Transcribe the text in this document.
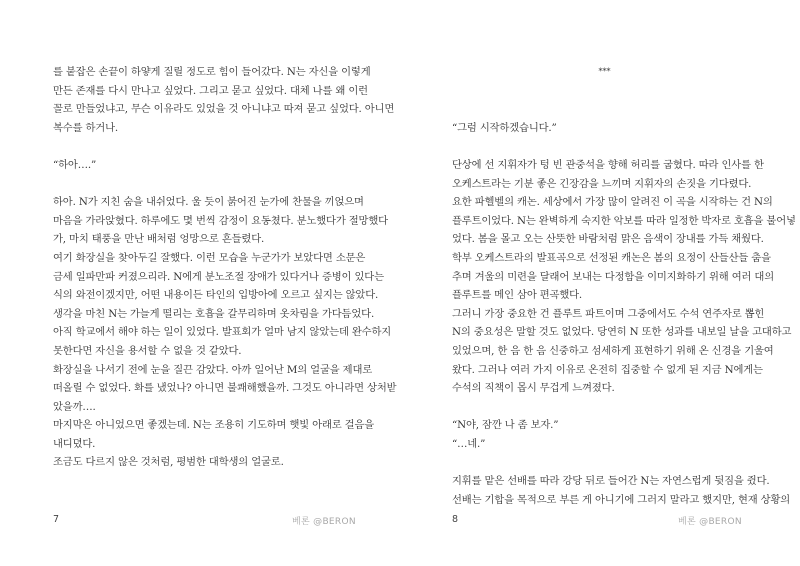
를 붙잡은 손끝이 하얗게 질릴 정도로 힘이 들어갔다. N는 자신을 이렇게
만든 존재를 다시 만나고 싶었다. 그리고 묻고 싶었다. 대체 나를 왜 이런
꼴로 만들었냐고, 무슨 이유라도 있었을 것 아니냐고 따져 묻고 싶었다. 아니면
복수를 하거나.
“하아….”
하아. N가 지친 숨을 내쉬었다. 울 듯이 붉어진 눈가에 찬물을 끼얹으며
마음을 가라앉혔다. 하루에도 몇 번씩 감정이 요동쳤다. 분노했다가 절망했다
가, 마치 태풍을 만난 배처럼 엉망으로 흔들렸다.
여기 화장실을 찾아두길 잘했다. 이런 모습을 누군가가 보았다면 소문은
금세 일파만파 커졌으리라. N에게 분노조절 장애가 있다거나 증병이 있다는
식의 와전이겠지만, 어떤 내용이든 타인의 입방아에 오르고 싶지는 않았다.
생각을 마친 N는 가늘게 떨리는 호흡을 갈무리하며 옷차림을 가다듬었다.
아직 학교에서 해야 하는 일이 있었다. 발표회가 얼마 남지 않았는데 완수하지
못한다면 자신을 용서할 수 없을 것 같았다.
화장실을 나서기 전에 눈을 질끈 감았다. 아까 일어난 M의 얼굴을 제대로
떠올릴 수 없었다. 화를 냈었나? 아니면 불쾌해했을까. 그것도 아니라면 상처받
았을까….
마지막은 아니었으면 좋겠는데. N는 조용히 기도하며 햇빛 아래로 걸음을
내디뎠다.
조금도 다르지 않은 것처럼, 평범한 대학생의 얼굴로.
7	베론 @BERON
***
“그럼 시작하겠습니다.”
단상에 선 지휘자가 텅 빈 관중석을 향해 허리를 굽혔다. 따라 인사를 한
오케스트라는 기분 좋은 긴장감을 느끼며 지휘자의 손짓을 기다렸다.
요한 파헬벨의 캐논. 세상에서 가장 많이 알려진 이 곡을 시작하는 건 N의
플루트이었다. N는 완벽하게 숙지한 악보를 따라 일정한 박자로 호흡을 불어넣
었다. 봄을 몰고 오는 산뜻한 바람처럼 맑은 음색이 장내를 가득 채웠다.
학부 오케스트라의 발표곡으로 선정된 캐논은 봄의 요정이 산들산들 춤을
추며 겨울의 미련을 달래어 보내는 다정함을 이미지화하기 위해 여러 대의
플루트를 메인 삼아 편곡했다.
그러니 가장 중요한 건 플루트 파트이며 그중에서도 수석 연주자로 뽑힌
N의 중요성은 말할 것도 없었다. 당연히 N 또한 성과를 내보일 날을 고대하고
있었으며, 한 음 한 음 신중하고 섬세하게 표현하기 위해 온 신경을 기울여
왔다. 그러나 여러 가지 이유로 온전히 집중할 수 없게 된 지금 N에게는
수석의 직책이 몹시 무겁게 느껴졌다.
“N야, 잠깐 나 좀 보자.”
“…네.”
지휘를 맡은 선배를 따라 강당 뒤로 들어간 N는 자연스럽게 뒷짐을 쥤다.
선배는 기합을 목적으로 부른 게 아니기에 그러지 말라고 했지만, 현재 상황의
8	베론 @BERON
